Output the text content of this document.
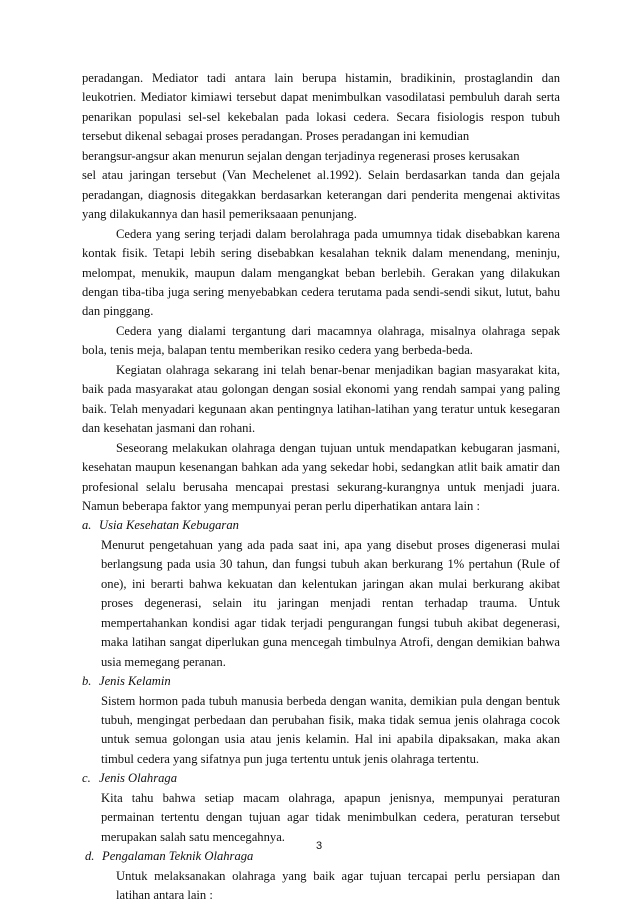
peradangan. Mediator tadi antara lain berupa histamin, bradikinin, prostaglandin dan leukotrien. Mediator kimiawi tersebut dapat menimbulkan vasodilatasi pembuluh darah serta penarikan populasi sel-sel kekebalan pada lokasi cedera. Secara fisiologis respon tubuh tersebut dikenal sebagai proses peradangan. Proses peradangan ini kemudian

berangsur-angsur akan menurun sejalan dengan terjadinya regenerasi proses kerusakan

sel atau jaringan tersebut (Van Mechelenet al.1992). Selain berdasarkan tanda dan gejala peradangan, diagnosis ditegakkan berdasarkan keterangan dari penderita mengenai aktivitas yang dilakukannya dan hasil pemeriksaaan penunjang.

Cedera yang sering terjadi dalam berolahraga pada umumnya tidak disebabkan karena kontak fisik. Tetapi lebih sering disebabkan kesalahan teknik dalam menendang, meninju, melompat, menukik, maupun dalam mengangkat beban berlebih. Gerakan yang dilakukan dengan tiba-tiba juga sering menyebabkan cedera terutama pada sendi-sendi sikut, lutut, bahu dan pinggang.

Cedera yang dialami tergantung dari macamnya olahraga, misalnya olahraga sepak bola, tenis meja, balapan tentu memberikan resiko cedera yang berbeda-beda.

Kegiatan olahraga sekarang ini telah benar-benar menjadikan bagian masyarakat kita, baik pada masyarakat atau golongan dengan sosial ekonomi yang rendah sampai yang paling baik. Telah menyadari kegunaan akan pentingnya latihan-latihan yang teratur untuk kesegaran dan kesehatan jasmani dan rohani.

Seseorang melakukan olahraga dengan tujuan untuk mendapatkan kebugaran jasmani, kesehatan maupun kesenangan bahkan ada yang sekedar hobi, sedangkan atlit baik amatir dan profesional selalu berusaha mencapai prestasi sekurang-kurangnya untuk menjadi juara. Namun beberapa faktor yang mempunyai peran perlu diperhatikan antara lain :

a. Usia Kesehatan Kebugaran

Menurut pengetahuan yang ada pada saat ini, apa yang disebut proses digenerasi mulai berlangsung pada usia 30 tahun, dan fungsi tubuh akan berkurang 1% pertahun (Rule of one), ini berarti bahwa kekuatan dan kelentukan jaringan akan mulai berkurang akibat proses degenerasi, selain itu jaringan menjadi rentan terhadap trauma. Untuk mempertahankan kondisi agar tidak terjadi pengurangan fungsi tubuh akibat degenerasi, maka latihan sangat diperlukan guna mencegah timbulnya Atrofi, dengan demikian bahwa usia memegang peranan.

b. Jenis Kelamin

Sistem hormon pada tubuh manusia berbeda dengan wanita, demikian pula dengan bentuk tubuh, mengingat perbedaan dan perubahan fisik, maka tidak semua jenis olahraga cocok untuk semua golongan usia atau jenis kelamin. Hal ini apabila dipaksakan, maka akan timbul cedera yang sifatnya pun juga tertentu untuk jenis olahraga tertentu.

c. Jenis Olahraga

Kita tahu bahwa setiap macam olahraga, apapun jenisnya, mempunyai peraturan permainan tertentu dengan tujuan agar tidak menimbulkan cedera, peraturan tersebut merupakan salah satu mencegahnya.

d. Pengalaman Teknik Olahraga

Untuk melaksanakan olahraga yang baik agar tujuan tercapai perlu persiapan dan latihan antara lain :

3
